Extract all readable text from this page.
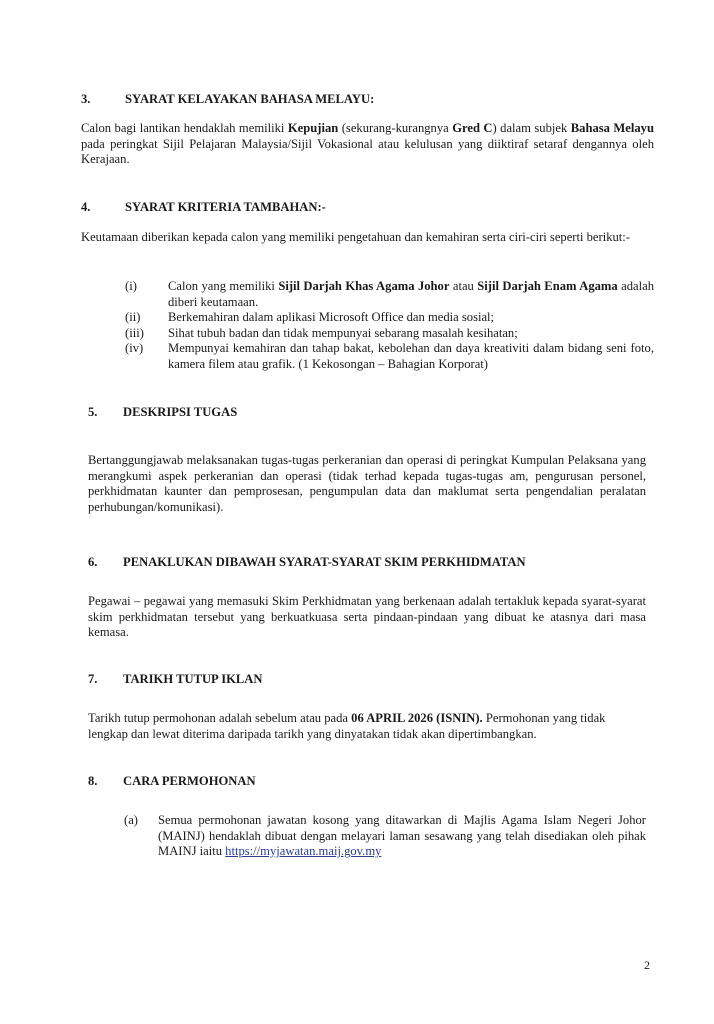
3.	SYARAT KELAYAKAN BAHASA MELAYU:
Calon bagi lantikan hendaklah memiliki Kepujian (sekurang-kurangnya Gred C) dalam subjek Bahasa Melayu pada peringkat Sijil Pelajaran Malaysia/Sijil Vokasional atau kelulusan yang diiktiraf setaraf dengannya oleh Kerajaan.
4.	SYARAT KRITERIA TAMBAHAN:-
Keutamaan diberikan kepada calon yang memiliki pengetahuan dan kemahiran serta ciri-ciri seperti berikut:-
(i)	Calon yang memiliki Sijil Darjah Khas Agama Johor atau Sijil Darjah Enam Agama adalah diberi keutamaan.
(ii)	Berkemahiran dalam aplikasi Microsoft Office dan media sosial;
(iii)	Sihat tubuh badan dan tidak mempunyai sebarang masalah kesihatan;
(iv)	Mempunyai kemahiran dan tahap bakat, kebolehan dan daya kreativiti dalam bidang seni foto, kamera filem atau grafik. (1 Kekosongan – Bahagian Korporat)
5. DESKRIPSI TUGAS
Bertanggungjawab melaksanakan tugas-tugas perkeranian dan operasi di peringkat Kumpulan Pelaksana yang merangkumi aspek perkeranian dan operasi (tidak terhad kepada tugas-tugas am, pengurusan personel, perkhidmatan kaunter dan pemprosesan, pengumpulan data dan maklumat serta pengendalian peralatan perhubungan/komunikasi).
6. PENAKLUKAN DIBAWAH SYARAT-SYARAT SKIM PERKHIDMATAN
Pegawai – pegawai yang memasuki Skim Perkhidmatan yang berkenaan adalah tertakluk kepada syarat-syarat skim perkhidmatan tersebut yang berkuatkuasa serta pindaan-pindaan yang dibuat ke atasnya dari masa kemasa.
7. TARIKH TUTUP IKLAN
Tarikh tutup permohonan adalah sebelum atau pada 06 APRIL 2026 (ISNIN). Permohonan yang tidak lengkap dan lewat diterima daripada tarikh yang dinyatakan tidak akan dipertimbangkan.
8. CARA PERMOHONAN
(a)	Semua permohonan jawatan kosong yang ditawarkan di Majlis Agama Islam Negeri Johor (MAINJ) hendaklah dibuat dengan melayari laman sesawang yang telah disediakan oleh pihak MAINJ iaitu https://myjawatan.maij.gov.my
2
